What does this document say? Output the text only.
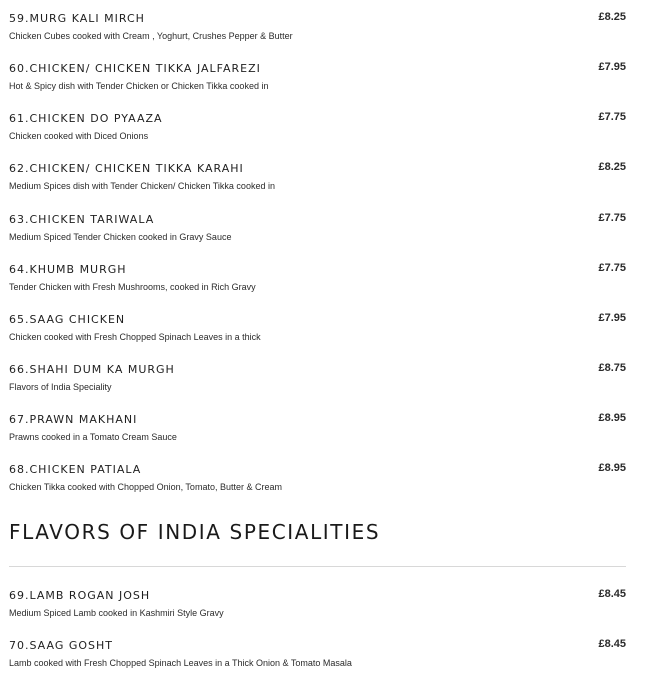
59.MURG KALI MIRCH
Chicken Cubes cooked with Cream , Yoghurt, Crushes Pepper & Butter
£8.25
60.CHICKEN/ CHICKEN TIKKA JALFAREZI
Hot & Spicy dish with Tender Chicken or Chicken Tikka cooked in
£7.95
61.CHICKEN DO PYAAZA
Chicken cooked with Diced Onions
£7.75
62.CHICKEN/ CHICKEN TIKKA KARAHI
Medium Spices dish with Tender Chicken/ Chicken Tikka cooked in
£8.25
63.CHICKEN TARIWALA
Medium Spiced Tender Chicken cooked in Gravy Sauce
£7.75
64.KHUMB MURGH
Tender Chicken with Fresh Mushrooms, cooked in Rich Gravy
£7.75
65.SAAG CHICKEN
Chicken cooked with Fresh Chopped Spinach Leaves in a thick
£7.95
66.SHAHI DUM KA MURGH
Flavors of India Speciality
£8.75
67.PRAWN MAKHANI
Prawns cooked in a Tomato Cream Sauce
£8.95
68.CHICKEN PATIALA
Chicken Tikka cooked with Chopped Onion, Tomato, Butter & Cream
£8.95
FLAVORS OF INDIA SPECIALITIES
69.LAMB ROGAN JOSH
Medium Spiced Lamb cooked in Kashmiri Style Gravy
£8.45
70.SAAG GOSHT
Lamb cooked with Fresh Chopped Spinach Leaves in a Thick Onion & Tomato Masala
£8.45
